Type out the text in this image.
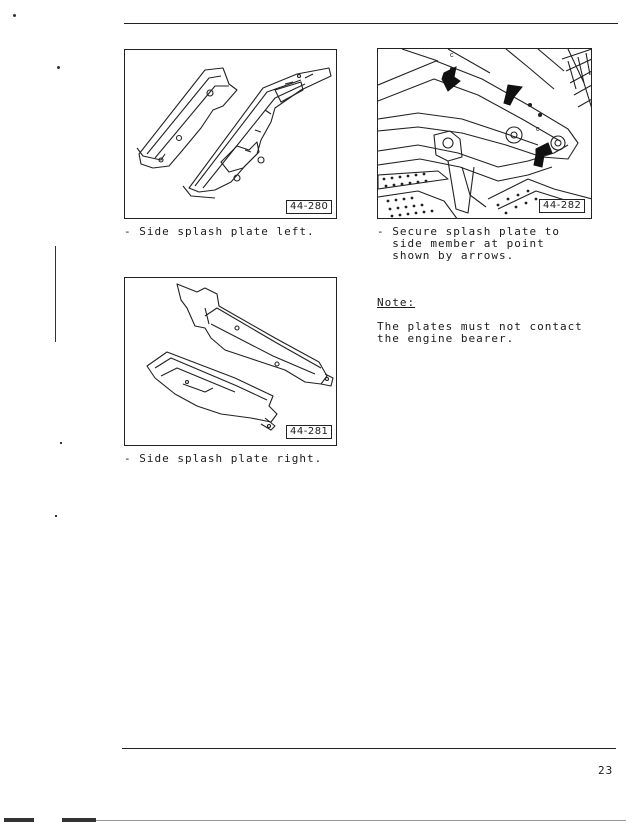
44-280
- Side splash plate left.
44-281
- Side splash plate right.
c
c
44-282
- Secure splash plate to
side member at point
shown by arrows.
Note:
The plates must not contact
the engine bearer.
23
